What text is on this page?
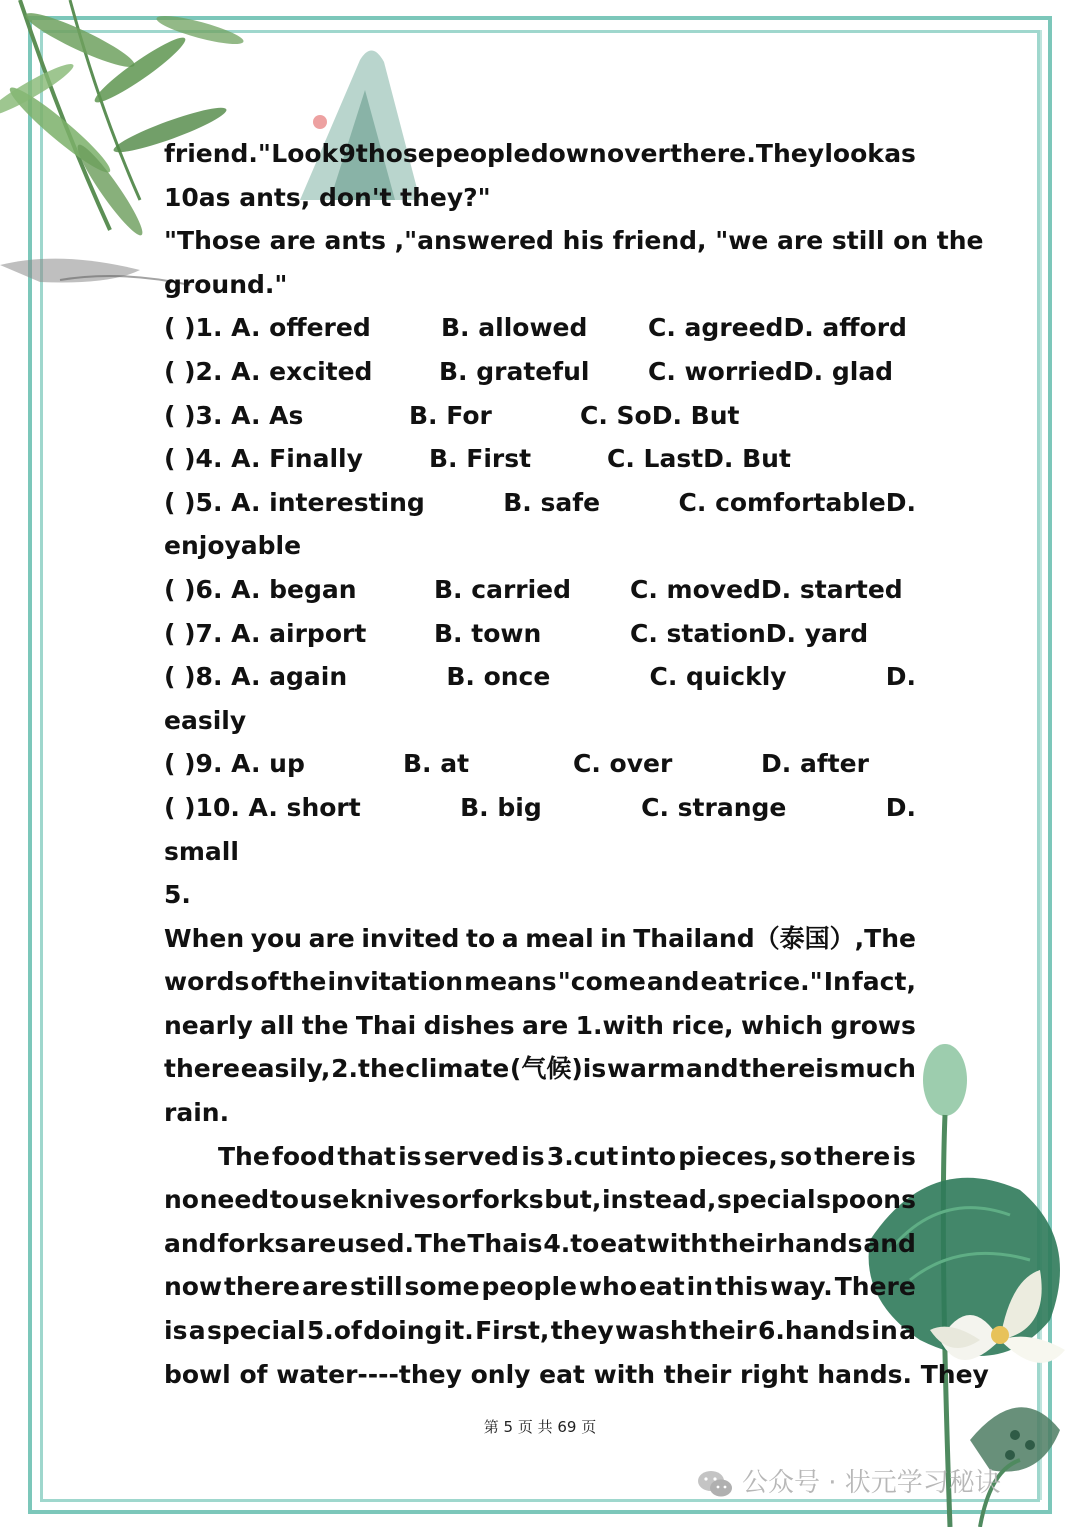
friend." Look 9those people down over there .They look as
10as ants, don't they?"
"Those are ants ,"answered his friend, "we are still on the
ground."
( )1. A. offered	B. allowed	C. agreedD. afford
( )2. A. excited	B. grateful	C. worriedD. glad
( )3. A. As	B. For	C. SoD. But
( )4. A. Finally	B. First	C. LastD. But
( )5. A. interesting	B. safe	C. comfortableD.
enjoyable
( )6. A. began	B. carried	C. movedD. started
( )7. A. airport	B. town	C. stationD. yard
( )8. A. again	B. once	C. quickly	D.
easily
( )9. A. up	B. at	C. over	D. after
( )10. A. short	B. big	C. strange	D.
small
5.
When you are invited to a meal in Thailand（泰国）,The
words of the invitation means "come and eat rice." In fact,
nearly all the Thai dishes are 1.with rice, which grows
there easily, 2.the climate (气候)is warm and thereis much
rain.
The food that is served is 3.cut into pieces, so there is
no need to use knives or forks but, instead, special spoons
and forks are used. The Thais 4.to eat with their hands and
now there are still some people who eat in this way. There
is a special 5.of doing it. First, they wash their 6.hands in a
bowl of water----they only eat with their right hands. They
第 5 页 共 69 页
公众号 · 状元学习秘诀
